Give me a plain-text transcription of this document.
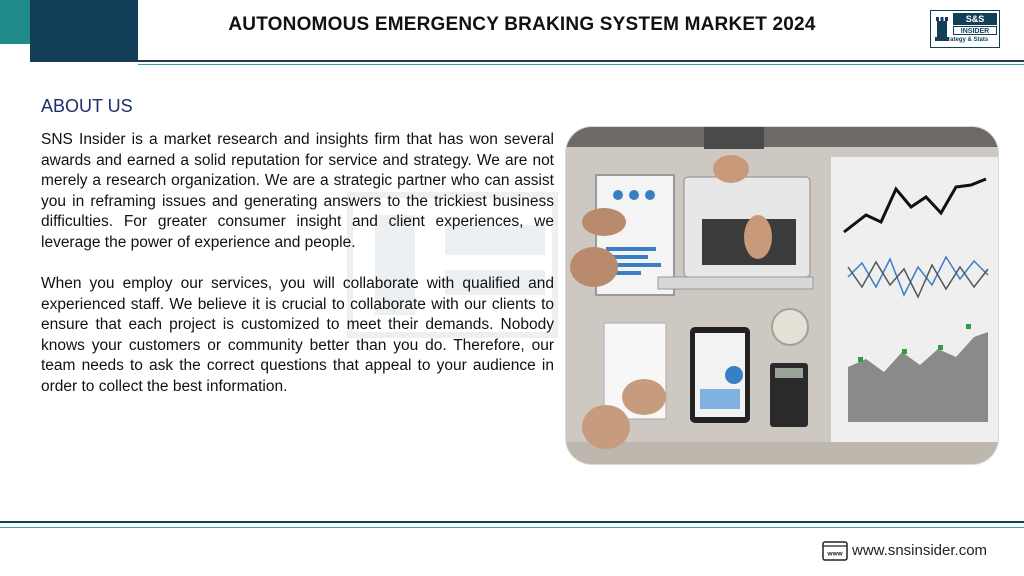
AUTONOMOUS EMERGENCY BRAKING SYSTEM MARKET 2024	S&S
INSIDER
Strategy & Stats
ABOUT US

SNS Insider is a market research and insights firm that has won several awards and earned a solid reputation for service and strategy. We are not merely a research organization. We are a strategic partner who can assist you in reframing issues and generating answers to the trickiest business difficulties. For greater consumer insight and client experiences, we leverage the power of experience and people.

When you employ our services, you will collaborate with qualified and experienced staff. We believe it is crucial to collaborate with our clients to ensure that each project is customized to meet their demands. Nobody knows your customers or community better than you do. Therefore, our team needs to ask the correct questions that appeal to your audience in order to collect the best information.

www www.snsinsider.com
